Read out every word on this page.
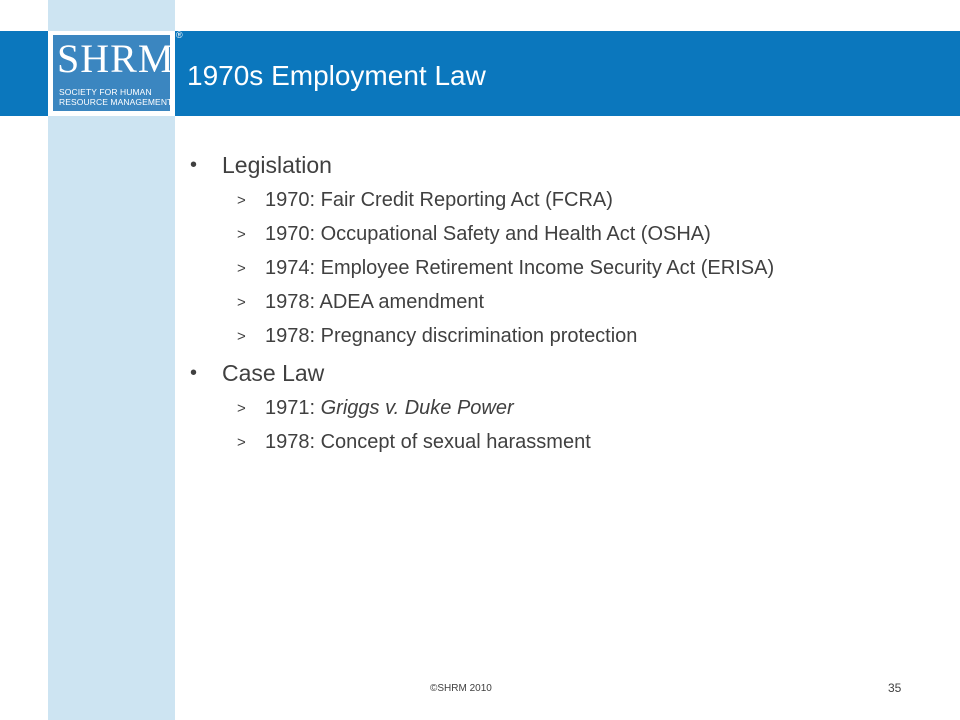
SHRM
SOCIETY FOR HUMAN
RESOURCE MANAGEMENT
®
1970s Employment Law

• Legislation

> 1970: Fair Credit Reporting Act (FCRA)

> 1970: Occupational Safety and Health Act (OSHA)

> 1974: Employee Retirement Income Security Act (ERISA)

> 1978: ADEA amendment

> 1978: Pregnancy discrimination protection

• Case Law

> 1971: Griggs v. Duke Power

> 1978: Concept of sexual harassment

©SHRM 2010	35
